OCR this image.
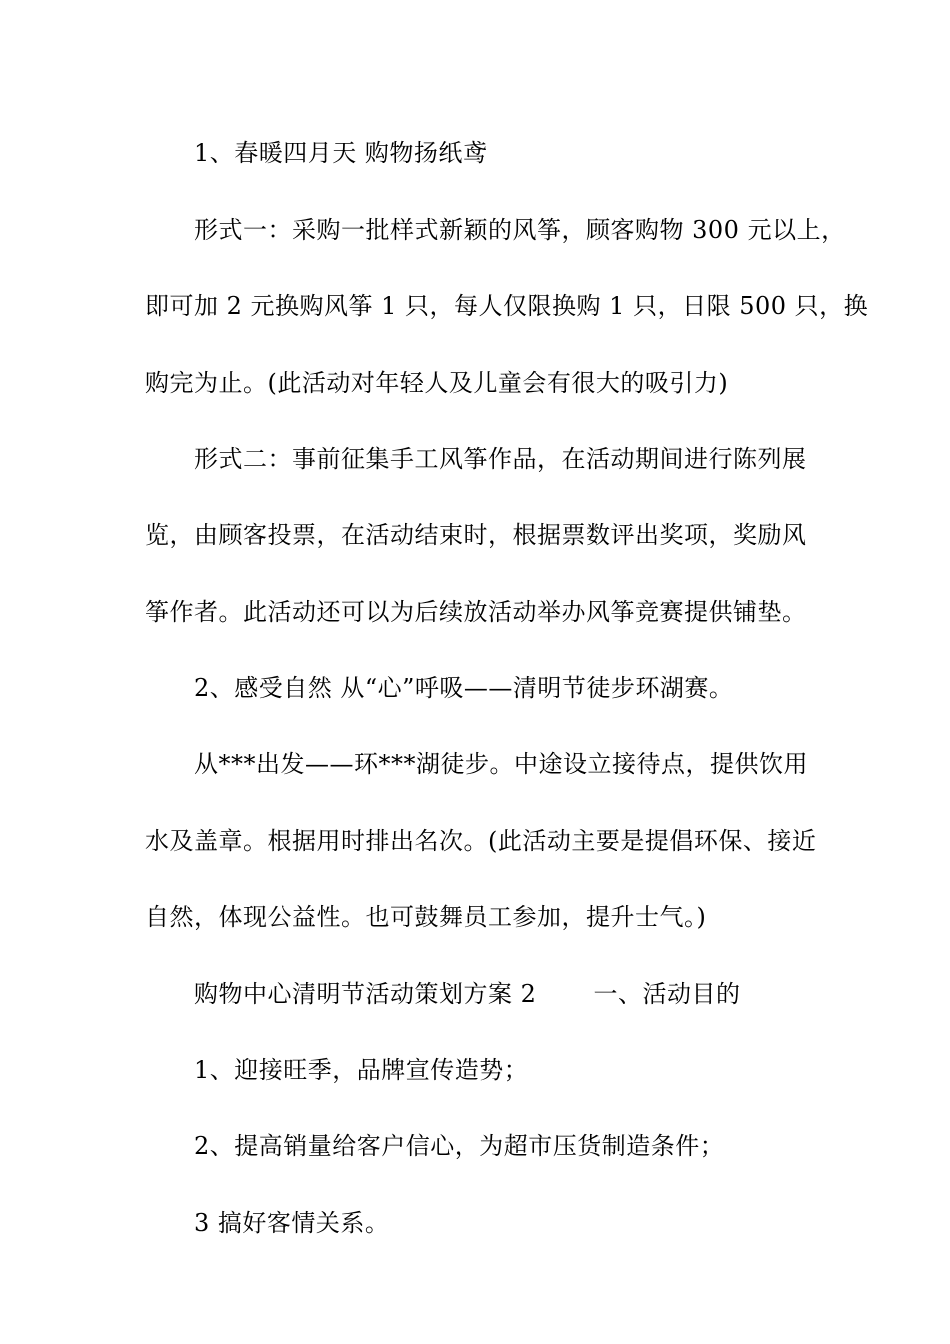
1、春暖四月天 购物扬纸鸢
形式一：采购一批样式新颖的风筝，顾客购物 300 元以上，
即可加 2 元换购风筝 1 只，每人仅限换购 1 只，日限 500 只，换
购完为止。(此活动对年轻人及儿童会有很大的吸引力)
形式二：事前征集手工风筝作品，在活动期间进行陈列展
览，由顾客投票，在活动结束时，根据票数评出奖项，奖励风
筝作者。此活动还可以为后续放活动举办风筝竞赛提供铺垫。
2、感受自然 从“心”呼吸——清明节徒步环湖赛。
从***出发——环***湖徒步。中途设立接待点，提供饮用
水及盖章。根据用时排出名次。(此活动主要是提倡环保、接近
自然，体现公益性。也可鼓舞员工参加，提升士气。)
购物中心清明节活动策划方案 2　　 一、活动目的
1、迎接旺季，品牌宣传造势；
2、提高销量给客户信心，为超市压货制造条件；
3 搞好客情关系。
